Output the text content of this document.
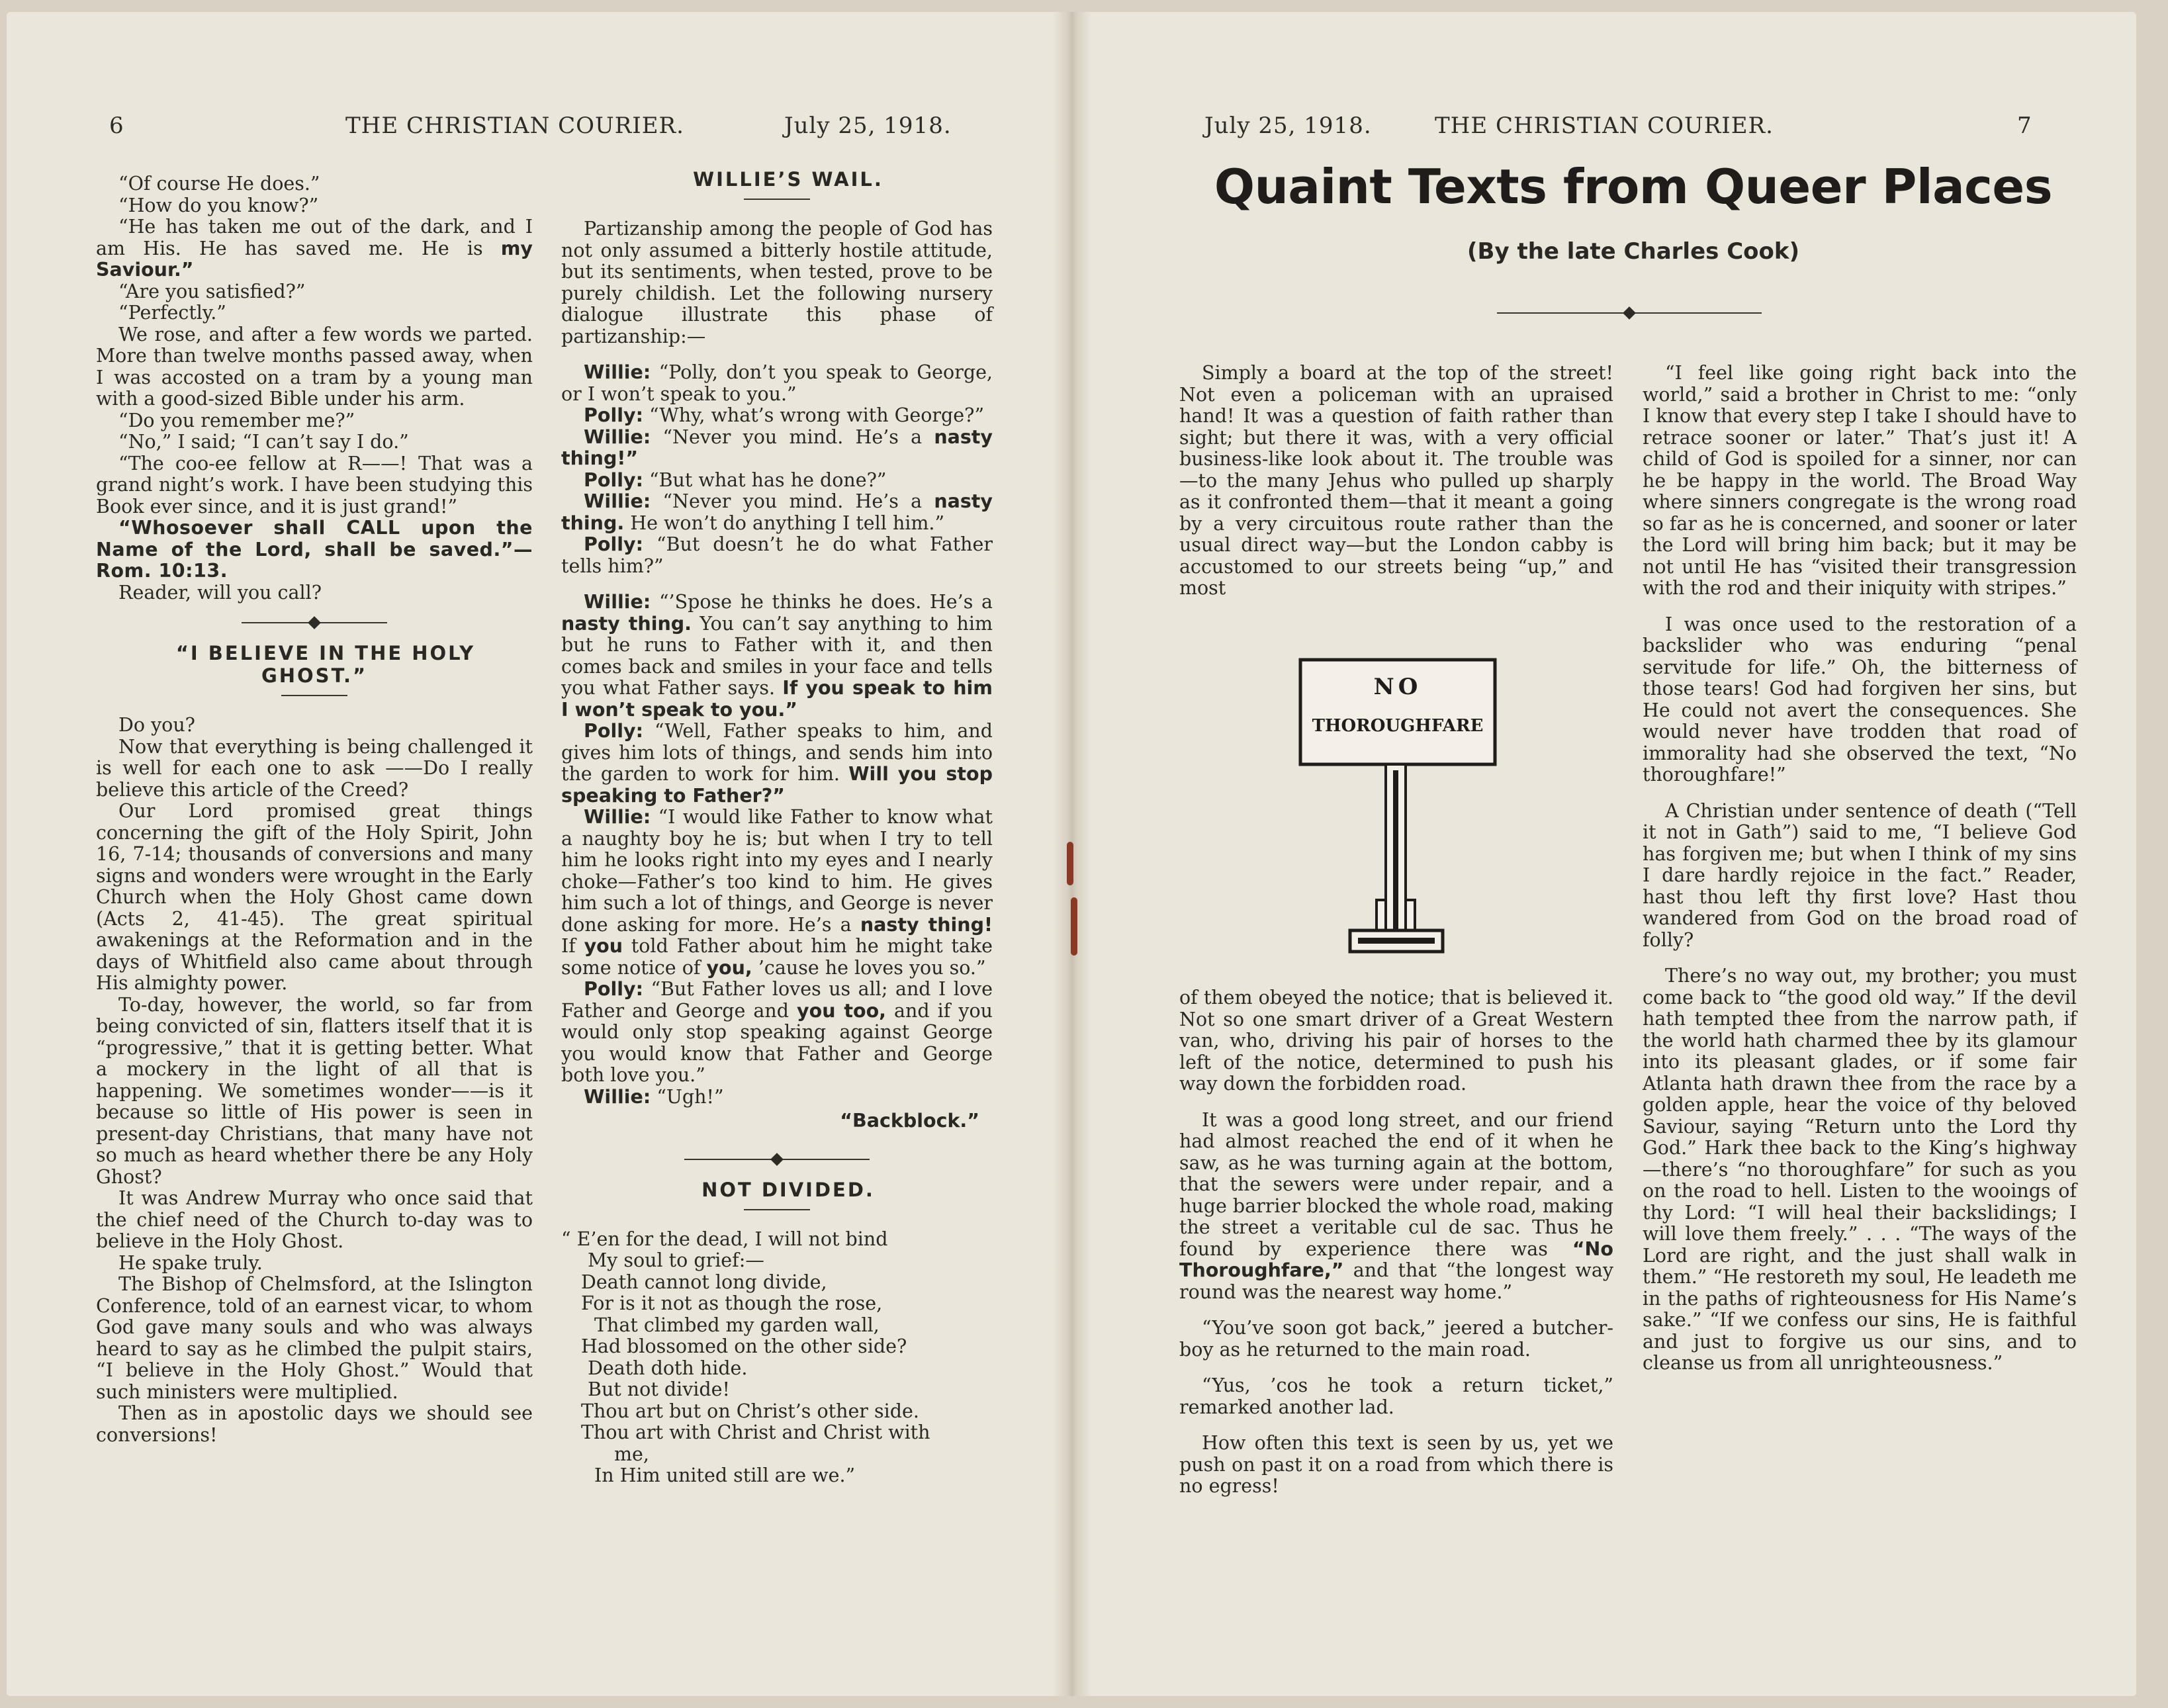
6	THE CHRISTIAN COURIER.	July 25, 1918.

“Of course He does.”

“How do you know?”

“He has taken me out of the dark, and I am His. He has saved me. He is my Saviour.”

“Are you satisfied?”

“Perfectly.”

We rose, and after a few words we parted. More than twelve months passed away, when I was accosted on a tram by a young man with a good-sized Bible under his arm.

“Do you remember me?”

“No,” I said; “I can’t say I do.”

“The coo-ee fellow at R——! That was a grand night’s work. I have been studying this Book ever since, and it is just grand!”

“Whosoever shall CALL upon the Name of the Lord, shall be saved.”—Rom. 10:13.

Reader, will you call?

“I BELIEVE IN THE HOLY GHOST.”

Do you?

Now that everything is being challenged it is well for each one to ask ——Do I really believe this article of the Creed?

Our Lord promised great things concerning the gift of the Holy Spirit, John 16, 7-14; thousands of conversions and many signs and wonders were wrought in the Early Church when the Holy Ghost came down (Acts 2, 41-45). The great spiritual awakenings at the Reformation and in the days of Whitfield also came about through His almighty power.

To-day, however, the world, so far from being convicted of sin, flatters itself that it is “progressive,” that it is getting better. What a mockery in the light of all that is happening. We sometimes wonder——is it because so little of His power is seen in present-day Christians, that many have not so much as heard whether there be any Holy Ghost?

It was Andrew Murray who once said that the chief need of the Church to-day was to believe in the Holy Ghost.

He spake truly.

The Bishop of Chelmsford, at the Islington Conference, told of an earnest vicar, to whom God gave many souls and who was always heard to say as he climbed the pulpit stairs, “I believe in the Holy Ghost.” Would that such ministers were multiplied.

Then as in apostolic days we should see conversions!

WILLIE’S WAIL.

Partizanship among the people of God has not only assumed a bitterly hostile attitude, but its sentiments, when tested, prove to be purely childish. Let the following nursery dialogue illustrate this phase of partizanship:—

Willie: “Polly, don’t you speak to George, or I won’t speak to you.”

Polly: “Why, what’s wrong with George?”

Willie: “Never you mind. He’s a nasty thing!”

Polly: “But what has he done?”

Willie: “Never you mind. He’s a nasty thing. He won’t do anything I tell him.”

Polly: “But doesn’t he do what Father tells him?”

Willie: “’Spose he thinks he does. He’s a nasty thing. You can’t say anything to him but he runs to Father with it, and then comes back and smiles in your face and tells you what Father says. If you speak to him I won’t speak to you.”

Polly: “Well, Father speaks to him, and gives him lots of things, and sends him into the garden to work for him. Will you stop speaking to Father?”

Willie: “I would like Father to know what a naughty boy he is; but when I try to tell him he looks right into my eyes and I nearly choke—Father’s too kind to him. He gives him such a lot of things, and George is never done asking for more. He’s a nasty thing! If you told Father about him he might take some notice of you, ’cause he loves you so.”

Polly: “But Father loves us all; and I love Father and George and you too, and if you would only stop speaking against George you would know that Father and George both love you.”

Willie: “Ugh!”

“Backblock.”

NOT DIVIDED.

“ E’en for the dead, I will not bind

My soul to grief:—

Death cannot long divide,

For is it not as though the rose,

That climbed my garden wall,

Had blossomed on the other side?

Death doth hide.

But not divide!

Thou art but on Christ’s other side.

Thou art with Christ and Christ with

me,

In Him united still are we.”

July 25, 1918.	THE CHRISTIAN COURIER.	7
Quaint Texts from Queer Places
(By the late Charles Cook)

Simply a board at the top of the street! Not even a policeman with an upraised hand! It was a question of faith rather than sight; but there it was, with a very official business-like look about it. The trouble was—to the many Jehus who pulled up sharply as it confronted them—that it meant a going by a very circuitous route rather than the usual direct way—but the London cabby is accustomed to our streets being “up,” and most

NO
THOROUGHFARE

of them obeyed the notice; that is believed it. Not so one smart driver of a Great Western van, who, driving his pair of horses to the left of the notice, determined to push his way down the forbidden road.

It was a good long street, and our friend had almost reached the end of it when he saw, as he was turning again at the bottom, that the sewers were under repair, and a huge barrier blocked the whole road, making the street a veritable cul de sac. Thus he found by experience there was “No Thoroughfare,” and that “the longest way round was the nearest way home.”

“You’ve soon got back,” jeered a butcher-boy as he returned to the main road.

“Yus, ’cos he took a return ticket,” remarked another lad.

How often this text is seen by us, yet we push on past it on a road from which there is no egress!

“I feel like going right back into the world,” said a brother in Christ to me: “only I know that every step I take I should have to retrace sooner or later.” That’s just it! A child of God is spoiled for a sinner, nor can he be happy in the world. The Broad Way where sinners congregate is the wrong road so far as he is concerned, and sooner or later the Lord will bring him back; but it may be not until He has “visited their transgression with the rod and their iniquity with stripes.”

I was once used to the restoration of a backslider who was enduring “penal servitude for life.” Oh, the bitterness of those tears! God had forgiven her sins, but He could not avert the consequences. She would never have trodden that road of immorality had she observed the text, “No thoroughfare!”

A Christian under sentence of death (“Tell it not in Gath”) said to me, “I believe God has forgiven me; but when I think of my sins I dare hardly rejoice in the fact.” Reader, hast thou left thy first love? Hast thou wandered from God on the broad road of folly?

There’s no way out, my brother; you must come back to “the good old way.” If the devil hath tempted thee from the narrow path, if the world hath charmed thee by its glamour into its pleasant glades, or if some fair Atlanta hath drawn thee from the race by a golden apple, hear the voice of thy beloved Saviour, saying “Return unto the Lord thy God.” Hark thee back to the King’s highway—there’s “no thoroughfare” for such as you on the road to hell. Listen to the wooings of thy Lord: “I will heal their backslidings; I will love them freely.” . . . “The ways of the Lord are right, and the just shall walk in them.” “He restoreth my soul, He leadeth me in the paths of righteousness for His Name’s sake.” “If we confess our sins, He is faithful and just to forgive us our sins, and to cleanse us from all unrighteousness.”
